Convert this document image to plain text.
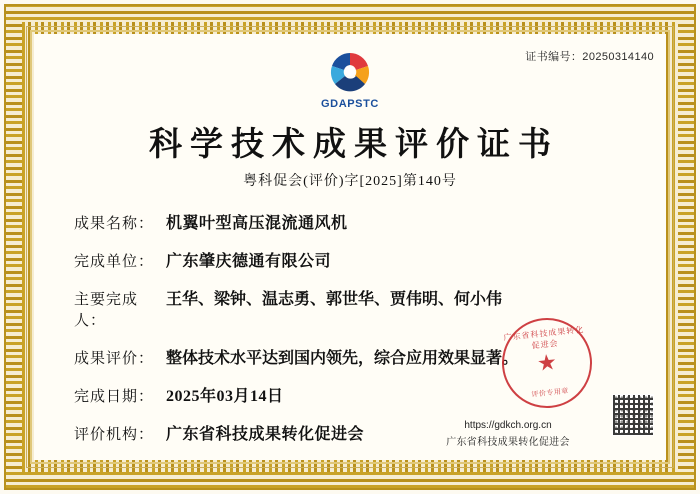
证书编号：20250314140
GDAPSTC
科学技术成果评价证书
粤科促会(评价)字[2025]第140号
成果名称： 机翼叶型高压混流通风机
完成单位： 广东肇庆德通有限公司
主要完成人：
王华、梁钟、温志勇、郭世华、贾伟明、何小伟
成果评价： 整体技术水平达到国内领先，综合应用效果显著。
完成日期： 2025年03月14日
评价机构： 广东省科技成果转化促进会
广东省科技成果转化促进会
★
评价专用章
https://gdkch.org.cn
广东省科技成果转化促进会
